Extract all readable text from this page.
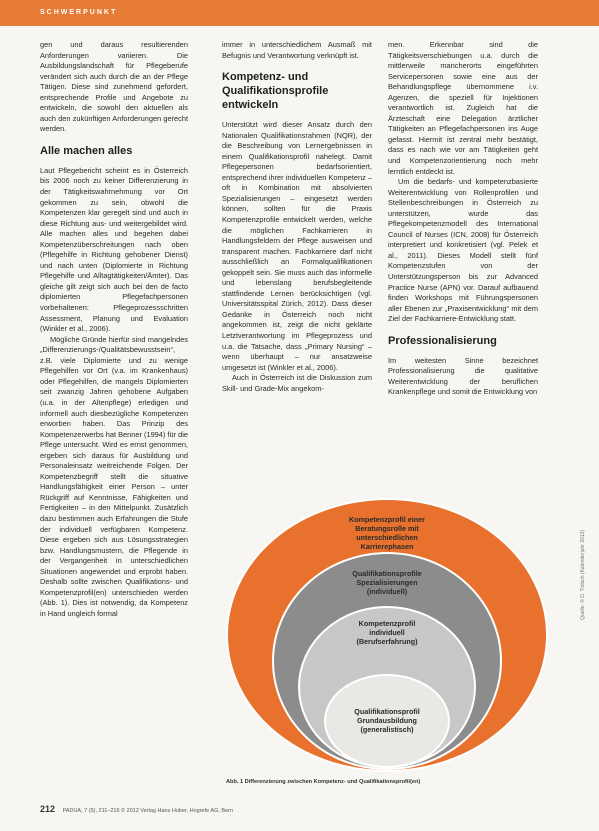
SCHWERPUNKT

gen und daraus resultierenden Anforderungen variieren. Die Ausbildungslandschaft für Pflegeberufe verändert sich auch durch die an der Pflege Tätigen. Diese sind zunehmend gefordert, entsprechende Profile und Angebote zu entwickeln, die sowohl den aktuellen als auch den zukünftigen Anforderungen gerecht werden.

Alle machen alles

Laut Pflegebericht scheint es in Österreich bis 2006 noch zu keiner Differenzierung in der Tätigkeitswahrnehmung vor Ort gekommen zu sein, obwohl die Kompetenzen klar geregelt sind und auch in diese Richtung aus- und weitergebildet wird. Alle machen alles und begehen dabei Kompetenzüberschreitungen nach oben (Pflegehilfe in Richtung gehobener Dienst) und nach unten (Diplomierte in Richtung Pflegehilfe und Alltagtätigkeiten/Ämter). Das gleiche gilt zeigt sich auch bei den de facto diplomierten Pflegefachpersonen vorbehaltenen: Pflegeprozessschritten Assessment, Planung und Evaluation (Winkler et al., 2006).

Mögliche Gründe hierfür sind mangelndes „Differenzierungs-/Qualitätsbewusstsein“, z.B. viele Diplomierte und zu wenige Pflegehilfen vor Ort (v.a. im Krankenhaus) oder Pflegehilfen, die mangels Diplomierten seit zwanzig Jahren gehobene Aufgaben (u.a. in der Altenpflege) erledigen und informell auch diesbezügliche Kompetenzen erworben haben. Das Prinzip des Kompetenzerwerbs hat Benner (1994) für die Pflege untersucht. Wird es ernst genommen, ergeben sich daraus für Ausbildung und Personaleinsatz weitreichende Folgen. Der Kompetenzbegriff stellt die situative Handlungsfähigkeit einer Person – unter Rückgriff auf Kenntnisse, Fähigkeiten und Fertigkeiten – in den Mittelpunkt. Zusätzlich dazu bestimmen auch Erfahrungen die Stufe der individuell verfügbaren Kompetenz. Diese ergeben sich aus Lösungsstrategien bzw. Handlungsmustern, die Pflegende in der Vergangenheit in unterschiedlichen Situationen angewendet und erprobt haben. Deshalb sollte zwischen Qualifikations- und Kompetenzprofil(en) unterschieden werden (Abb. 1). Dies ist notwendig, da Kompetenz in Hand ungleich formal

immer in unterschiedlichem Ausmaß mit Befugnis und Verantwortung verknüpft ist.

Kompetenz- und Qualifikationsprofile entwickeln

Unterstützt wird dieser Ansatz durch den Nationalen Qualifikationsrahmen (NQR), der die Beschreibung von Lernergebnissen in einem Qualifikationsprofil nahelegt. Damit Pflegepersonen bedarfsorientiert, entsprechend ihrer individuellen Kompetenz – oft in Kombination mit absolvierten Spezialisierungen – eingesetzt werden können, sollten für die Praxis Kompetenzprofile entwickelt werden, welche die möglichen Fachkarrieren in Handlungsfeldern der Pflege ausweisen und transparent machen. Fachkarriere darf nicht ausschließlich an Formalqualifikationen gekoppelt sein. Sie muss auch das informelle und lebenslang berufsbegleitende stattfindende Lernen berücksichtigen (vgl. Universitätsspital Zürich, 2012). Dass dieser Gedanke in Österreich noch nicht angekommen ist, zeigt die nicht geklärte Letztverantwortung im Pflegeprozess und u.a. die Tatsache, dass „Primary Nursing“ – wenn überhaupt – nur ansatzweise umgesetzt ist (Winkler et al., 2006).

Auch in Österreich ist die Diskussion zum Skill- und Grade-Mix angekom-

men. Erkennbar sind die Tätigkeitsverschiebungen u.a. durch die mittlerweile mancherorts eingeführten Servicepersonen sowie eine aus der Behandlungspflege übernommene i.v. Agenzen, die speziell für Injektionen verantwortlich ist. Zugleich hat die Ärzteschaft eine Delegation ärztlicher Tätigkeiten an Pflegefachpersonen ins Auge gefasst. Hiermit ist zentral mehr bestätigt, dass es nach wie vor am Tätigkeiten geht und Kompetenzorientierung noch mehr lerntlich entdeckt ist.

Um die bedarfs- und kompetenzbasierte Weiterentwicklung von Rollenprofilen und Stellenbeschreibungen in Österreich zu unterstützen, wurde das Pflegekompetenzmodell des International Council of Nurses (ICN, 2008) für Österreich interpretiert und konkretisiert (vgl. Pelek et al., 2011). Dieses Modell stellt fünf Kompetenzstufen von der Unterstützungsperson bis zur Advanced Practice Nurse (APN) vor. Darauf aufbauend finden Workshops mit Führungspersonen aller Ebenen zur „Praxisentwicklung“ mit dem Ziel der Fachkarriere-Entwicklung statt.

Professionalisierung

Im weitesten Sinne bezeichnet Professionalisierung die qualitative Weiterentwicklung der beruflichen Krankenpflege und somit die Entwicklung von

Kompetenzprofil einer
Beratungsrolle mit
unterschiedlichen
Karrierephasen
Qualifikationsprofile
Spezialisierungen
(individuell)
Kompetenzprofil
individuell
(Berufserfahrung)
Qualifikationsprofil
Grundausbildung
(generalistisch)
Abb. 1 Differenzierung zwischen Kompetenz- und Qualifikationsprofil(en)
Quelle: © D. Tintsch (Kalenderjahr 2013)
212 PADUA, 7 (5), 211–216 © 2012 Verlag Hans Huber, Hogrefe AG, Bern
